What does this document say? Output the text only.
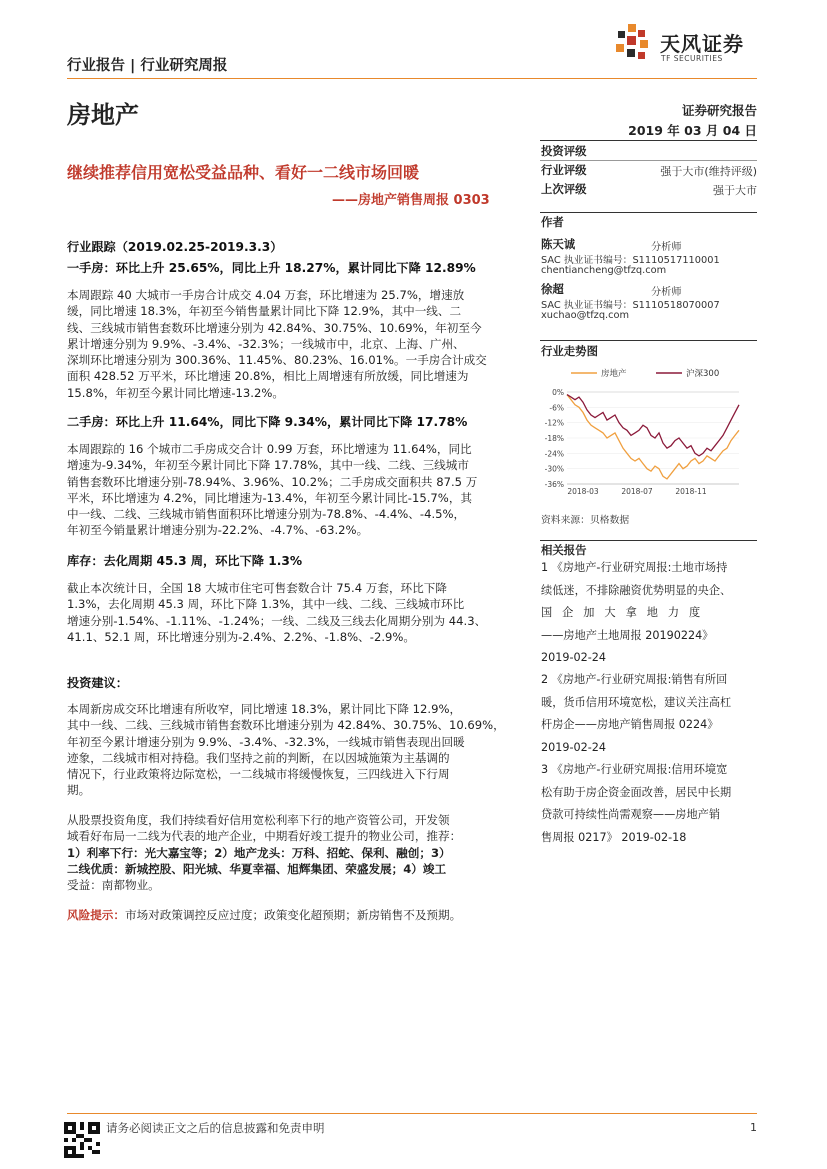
行业报告 | 行业研究周报
天风证券
TF SECURITIES
房地产	证券研究报告
2019 年 03 月 04 日
继续推荐信用宽松受益品种、看好一二线市场回暖
——房地产销售周报 0303
行业跟踪（2019.02.25-2019.3.3）
一手房：环比上升 25.65%，同比上升 18.27%，累计同比下降 12.89%
本周跟踪 40 大城市一手房合计成交 4.04 万套，环比增速为 25.7%，增速放
缓，同比增速 18.3%，年初至今销售量累计同比下降 12.9%，其中一线、二
线、三线城市销售套数环比增速分别为 42.84%、30.75%、10.69%，年初至今
累计增速分别为 9.9%、-3.4%、-32.3%；一线城市中，北京、上海、广州、
深圳环比增速分别为 300.36%、11.45%、80.23%、16.01%。一手房合计成交
面积 428.52 万平米，环比增速 20.8%，相比上周增速有所放缓，同比增速为
15.8%，年初至今累计同比增速-13.2%。
二手房：环比上升 11.64%，同比下降 9.34%，累计同比下降 17.78%
本周跟踪的 16 个城市二手房成交合计 0.99 万套，环比增速为 11.64%，同比
增速为-9.34%，年初至今累计同比下降 17.78%，其中一线、二线、三线城市
销售套数环比增速分别-78.94%、3.96%、10.2%；二手房成交面积共 87.5 万
平米，环比增速为 4.2%，同比增速为-13.4%，年初至今累计同比-15.7%，其
中一线、二线、三线城市销售面积环比增速分别为-78.8%、-4.4%、-4.5%，
年初至今销量累计增速分别为-22.2%、-4.7%、-63.2%。
库存：去化周期 45.3 周，环比下降 1.3%
截止本次统计日，全国 18 大城市住宅可售套数合计 75.4 万套，环比下降
1.3%，去化周期 45.3 周，环比下降 1.3%，其中一线、二线、三线城市环比
增速分别-1.54%、-1.11%、-1.24%；一线、二线及三线去化周期分别为 44.3、
41.1、52.1 周，环比增速分别为-2.4%、2.2%、-1.8%、-2.9%。
投资建议：
本周新房成交环比增速有所收窄，同比增速 18.3%，累计同比下降 12.9%，
其中一线、二线、三线城市销售套数环比增速分别为 42.84%、30.75%、10.69%，
年初至今累计增速分别为 9.9%、-3.4%、-32.3%，一线城市销售表现出回暖
迹象，二线城市相对持稳。我们坚持之前的判断，在以因城施策为主基调的
情况下，行业政策将边际宽松，一二线城市将缓慢恢复，三四线进入下行周
期。
从股票投资角度，我们持续看好信用宽松利率下行的地产资管公司，开发领
域看好布局一二线为代表的地产企业，中期看好竣工提升的物业公司，推荐：
1）利率下行：光大嘉宝等；2）地产龙头：万科、招蛇、保利、融创；3）
二线优质：新城控股、阳光城、华夏幸福、旭辉集团、荣盛发展；4）竣工
受益：南都物业。
风险提示：市场对政策调控反应过度；政策变化超预期；新房销售不及预期。
投资评级
行业评级	强于大市(维持评级)
上次评级	强于大市
作者
陈天诚	分析师
SAC 执业证书编号：S1110517110001
chentiancheng@tfzq.com
徐超	分析师
SAC 执业证书编号：S1110518070007
xuchao@tfzq.com
行业走势图
0%
-6%
-12%
-18%
-24%
-30%
-36%
2018-03	2018-07	2018-11
房地产	沪深300
资料来源：贝格数据
相关报告
1 《房地产-行业研究周报:土地市场持
续低迷，不排除融资优势明显的央企、
国 企 加 大 拿 地 力 度
——房地产土地周报 20190224》
2019-02-24
2 《房地产-行业研究周报:销售有所回
暖，货币信用环境宽松，建议关注高杠
杆房企——房地产销售周报 0224》
2019-02-24
3 《房地产-行业研究周报:信用环境宽
松有助于房企资金面改善，居民中长期
贷款可持续性尚需观察——房地产销
售周报 0217》 2019-02-18
请务必阅读正文之后的信息披露和免责申明	1
